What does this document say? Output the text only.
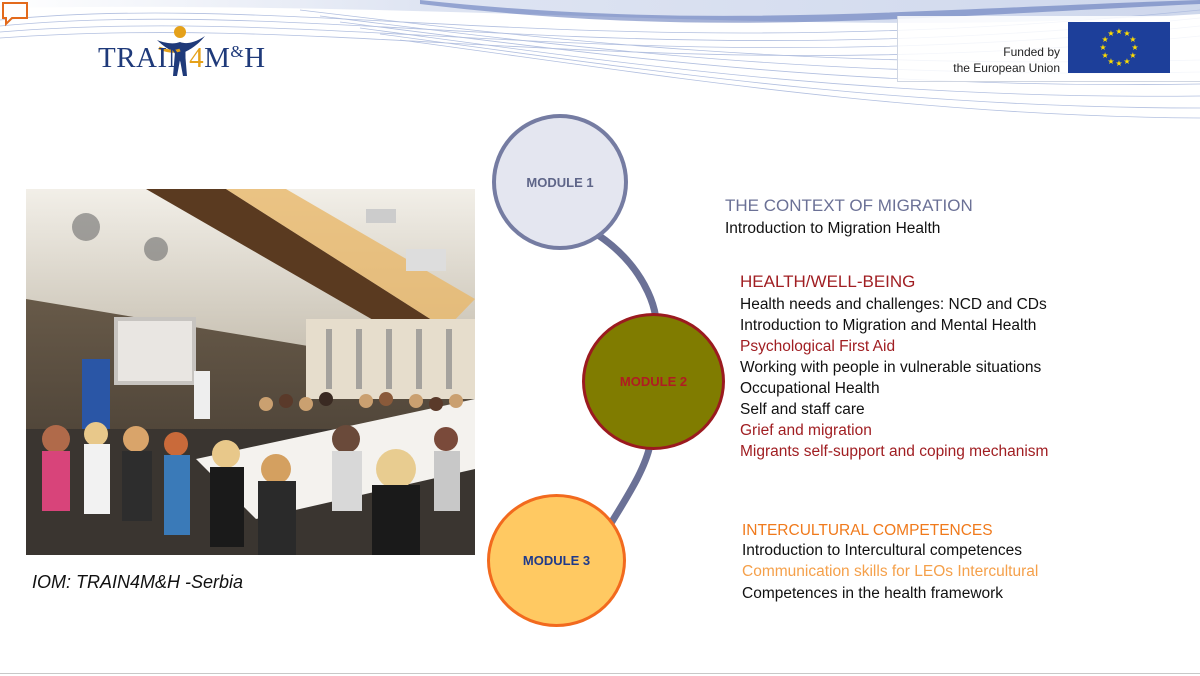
TRAIN4M&H	Funded by
the European Union
★ ★
★
★
★
★
★
★
★
★
★
★
IOM: TRAIN4M&H -Serbia
MODULE 1
MODULE 2
MODULE 3
THE CONTEXT OF MIGRATION
Introduction to Migration Health
HEALTH/WELL-BEING
Health needs and challenges: NCD and CDs
Introduction to Migration and Mental Health
Psychological First Aid
Working with people in vulnerable situations
Occupational Health
Self and staff care
Grief and migration
Migrants self-support and coping mechanism
INTERCULTURAL COMPETENCES
Introduction to Intercultural competences
Communication skills for LEOs Intercultural
Competences in the health framework
